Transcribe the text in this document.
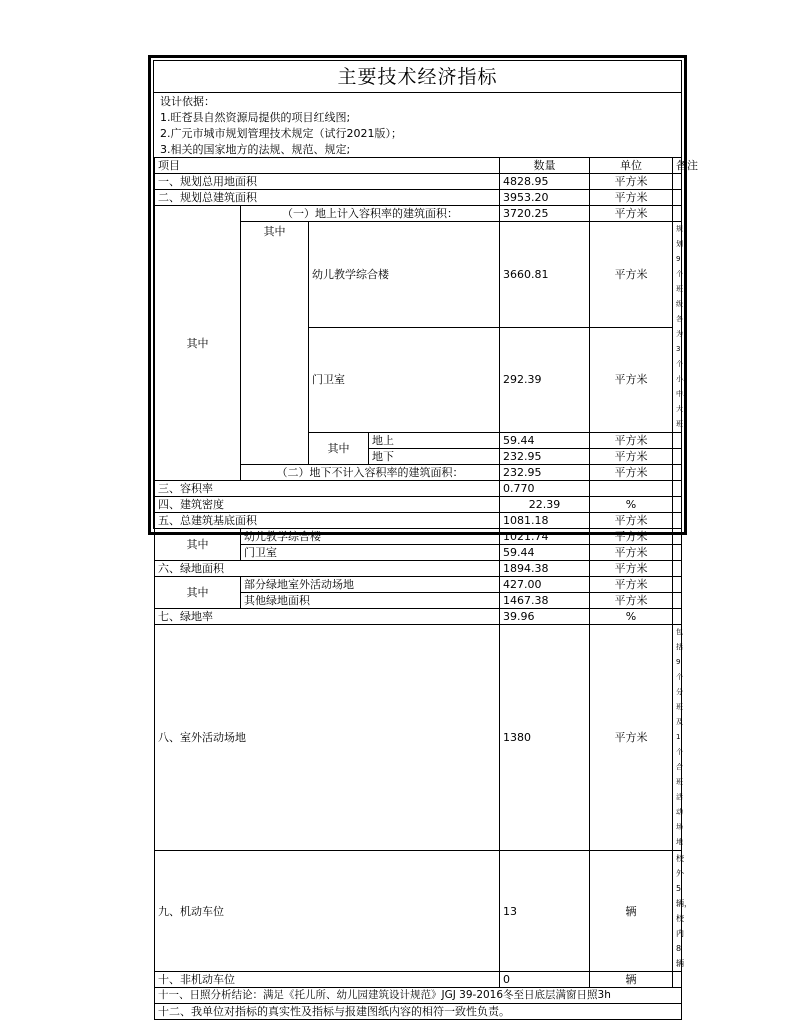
主要技术经济指标
设计依据：
1.旺苍县自然资源局提供的项目红线图;
2.广元市城市规划管理技术规定（试行2021版）；
3.相关的国家地方的法规、规范、规定;
项目				数量	单位	备注
一、规划总用地面积				4828.95	平方米	
二、规划总建筑面积				3953.20	平方米	
其中	（一）地上计入容积率的建筑面积：			3720.25	平方米	
	其中	幼儿教学综合楼		3660.81	平方米	规划9个班级 各为3个小、中、大班
		门卫室		292.39	平方米	
		其中	地上	59.44	平方米	
			地下	232.95	平方米	
	（二）地下不计入容积率的建筑面积：			232.95	平方米	
三、容积率				0.770		
四、建筑密度				22.39	%	
五、总建筑基底面积				1081.18	平方米	
其中	幼儿教学综合楼			1021.74	平方米	
	门卫室			59.44	平方米	
六、绿地面积				1894.38	平方米	
其中	部分绿地室外活动场地			427.00	平方米	
	其他绿地面积			1467.38	平方米	
七、绿地率				39.96	%	
八、室外活动场地				1380	平方米	包括9个分班及1个合班 活动场地
九、机动车位				13	辆	校外5辆，校内8辆
十、非机动车位				0	辆	
十一、日照分析结论：满足《托儿所、幼儿园建筑设计规范》JGJ 39-2016冬至日底层满窗日照3h						
十二、我单位对指标的真实性及指标与报建图纸内容的相符一致性负责。						
